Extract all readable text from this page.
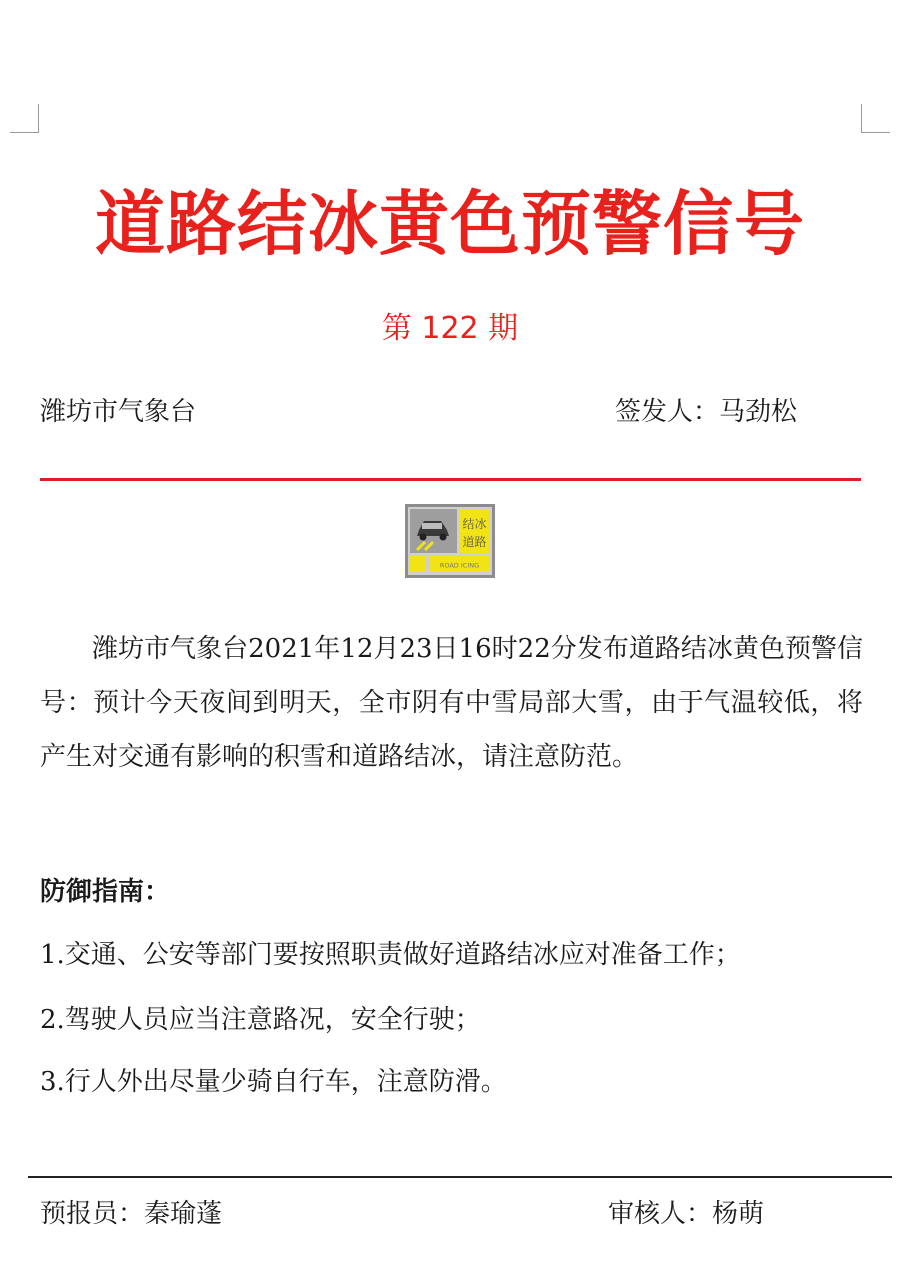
道路结冰黄色预警信号
第 122 期
潍坊市气象台	签发人：马劲松
结冰
道路
ROAD ICING
潍坊市气象台2021年12月23日16时22分发布道路结冰黄色预警信号：预计今天夜间到明天，全市阴有中雪局部大雪，由于气温较低，将产生对交通有影响的积雪和道路结冰，请注意防范。
防御指南：
1.交通、公安等部门要按照职责做好道路结冰应对准备工作；
2.驾驶人员应当注意路况，安全行驶；
3.行人外出尽量少骑自行车，注意防滑。
预报员：秦瑜蓬	审核人：杨萌
